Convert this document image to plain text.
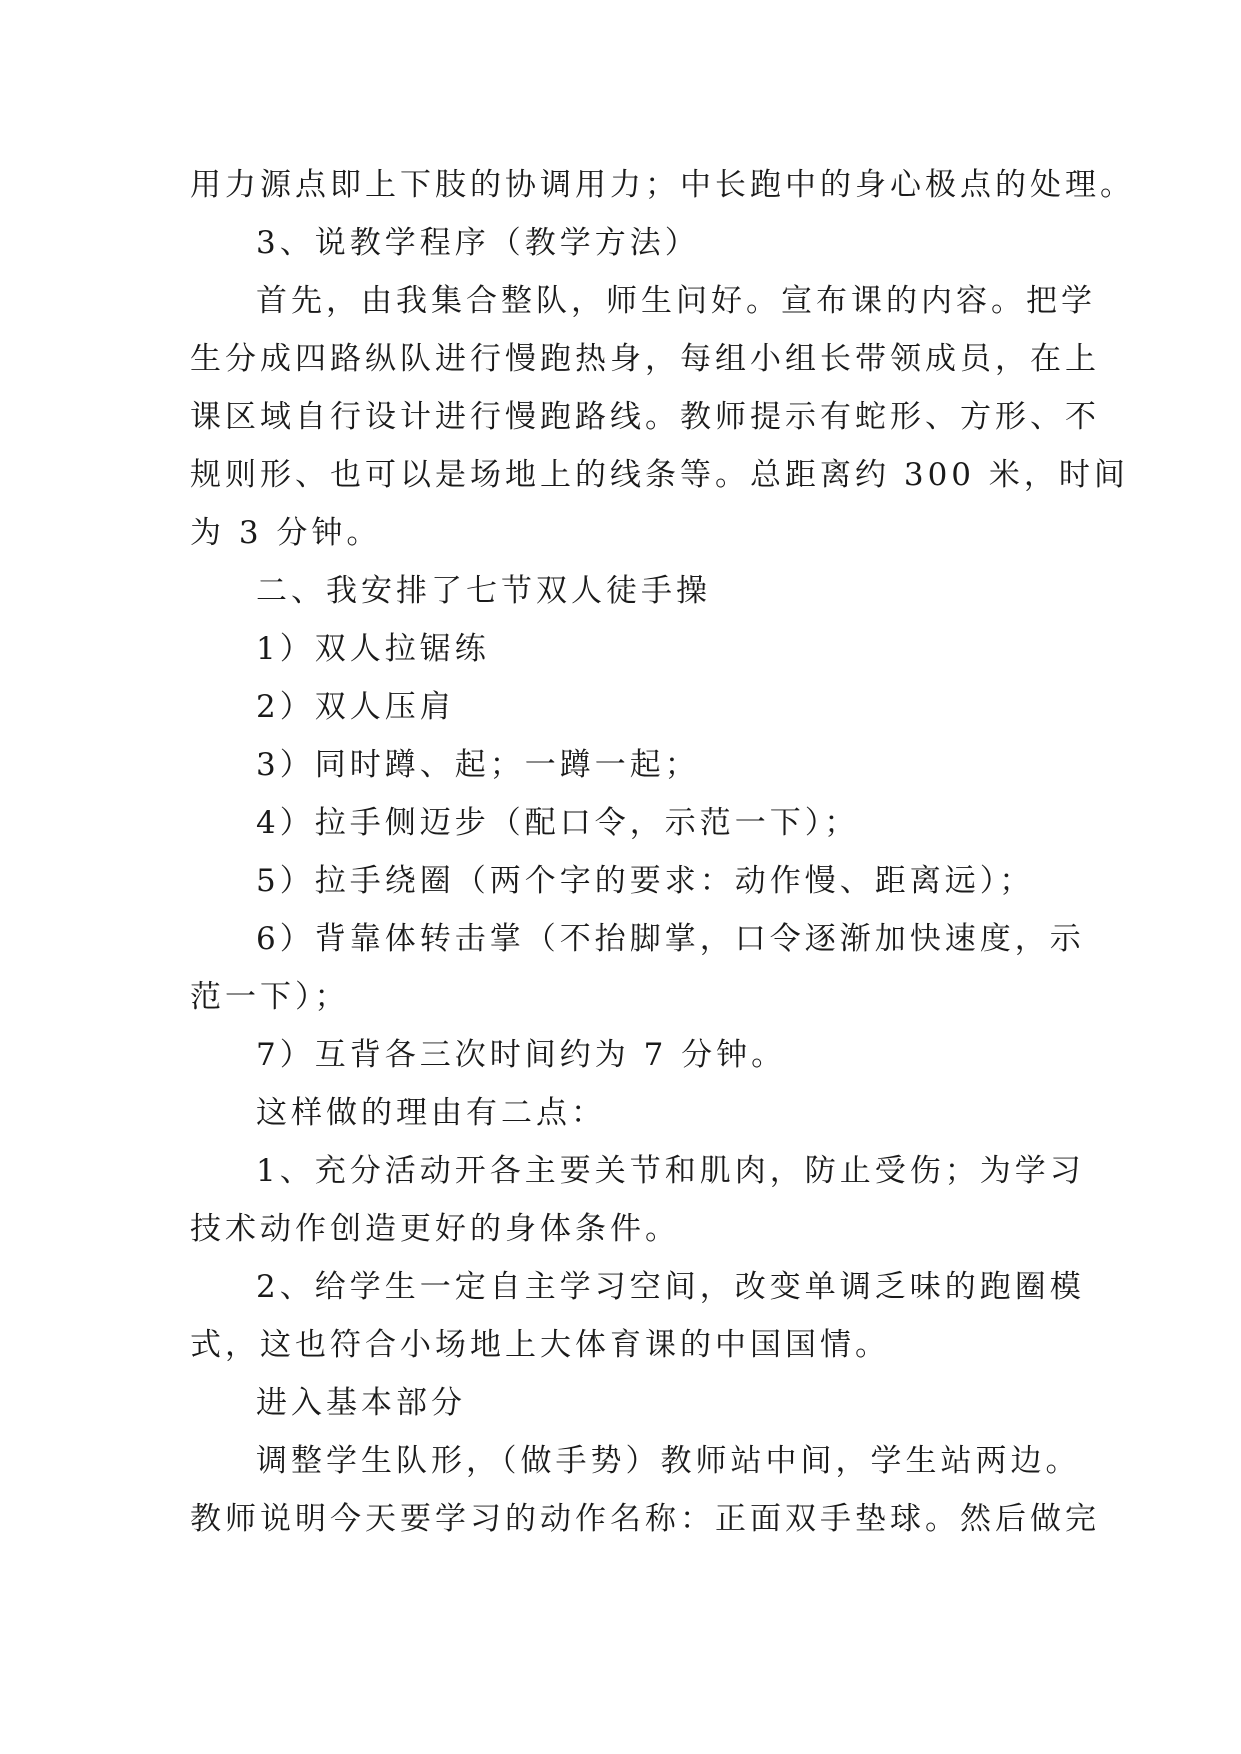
用力源点即上下肢的协调用力；中长跑中的身心极点的处理。
3、说教学程序（教学方法）
首先，由我集合整队，师生问好。宣布课的内容。把学
生分成四路纵队进行慢跑热身，每组小组长带领成员，在上
课区域自行设计进行慢跑路线。教师提示有蛇形、方形、不
规则形、也可以是场地上的线条等。总距离约 300 米，时间
为 3 分钟。
二、我安排了七节双人徒手操
1）双人拉锯练
2）双人压肩
3）同时蹲、起；一蹲一起；
4）拉手侧迈步（配口令，示范一下）；
5）拉手绕圈（两个字的要求：动作慢、距离远）；
6）背靠体转击掌（不抬脚掌，口令逐渐加快速度，示
范一下）；
7）互背各三次时间约为 7 分钟。
这样做的理由有二点：
1、充分活动开各主要关节和肌肉，防止受伤；为学习
技术动作创造更好的身体条件。
2、给学生一定自主学习空间，改变单调乏味的跑圈模
式，这也符合小场地上大体育课的中国国情。
进入基本部分
调整学生队形，（做手势）教师站中间，学生站两边。
教师说明今天要学习的动作名称：正面双手垫球。然后做完
